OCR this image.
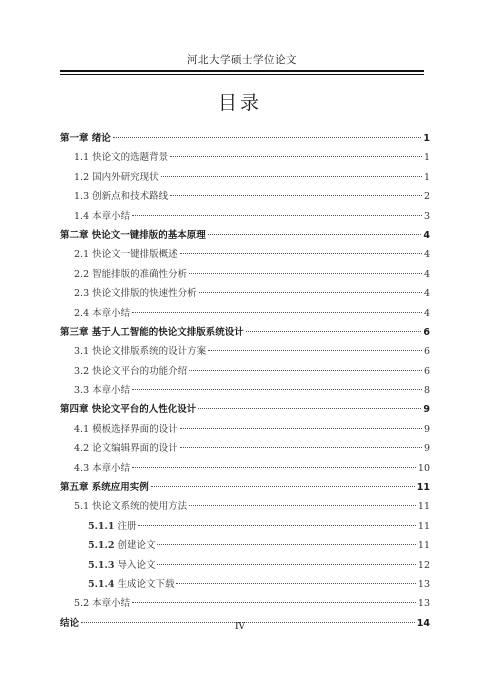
河北大学硕士学位论文
目录
第一章 绪论	1
1.1 快论文的选题背景	1
1.2 国内外研究现状	1
1.3 创新点和技术路线	2
1.4 本章小结	3
第二章 快论文一键排版的基本原理	4
2.1 快论文一键排版概述	4
2.2 智能排版的准确性分析	4
2.3 快论文排版的快速性分析	4
2.4 本章小结	4
第三章 基于人工智能的快论文排版系统设计	6
3.1 快论文排版系统的设计方案	6
3.2 快论文平台的功能介绍	6
3.3 本章小结	8
第四章 快论文平台的人性化设计	9
4.1 模板选择界面的设计	9
4.2 论文编辑界面的设计	9
4.3 本章小结	10
第五章 系统应用实例	11
5.1 快论文系统的使用方法	11
5.1.1 注册	11
5.1.2 创建论文	11
5.1.3 导入论文	12
5.1.4 生成论文下载	13
5.2 本章小结	13
结论	14
IV
